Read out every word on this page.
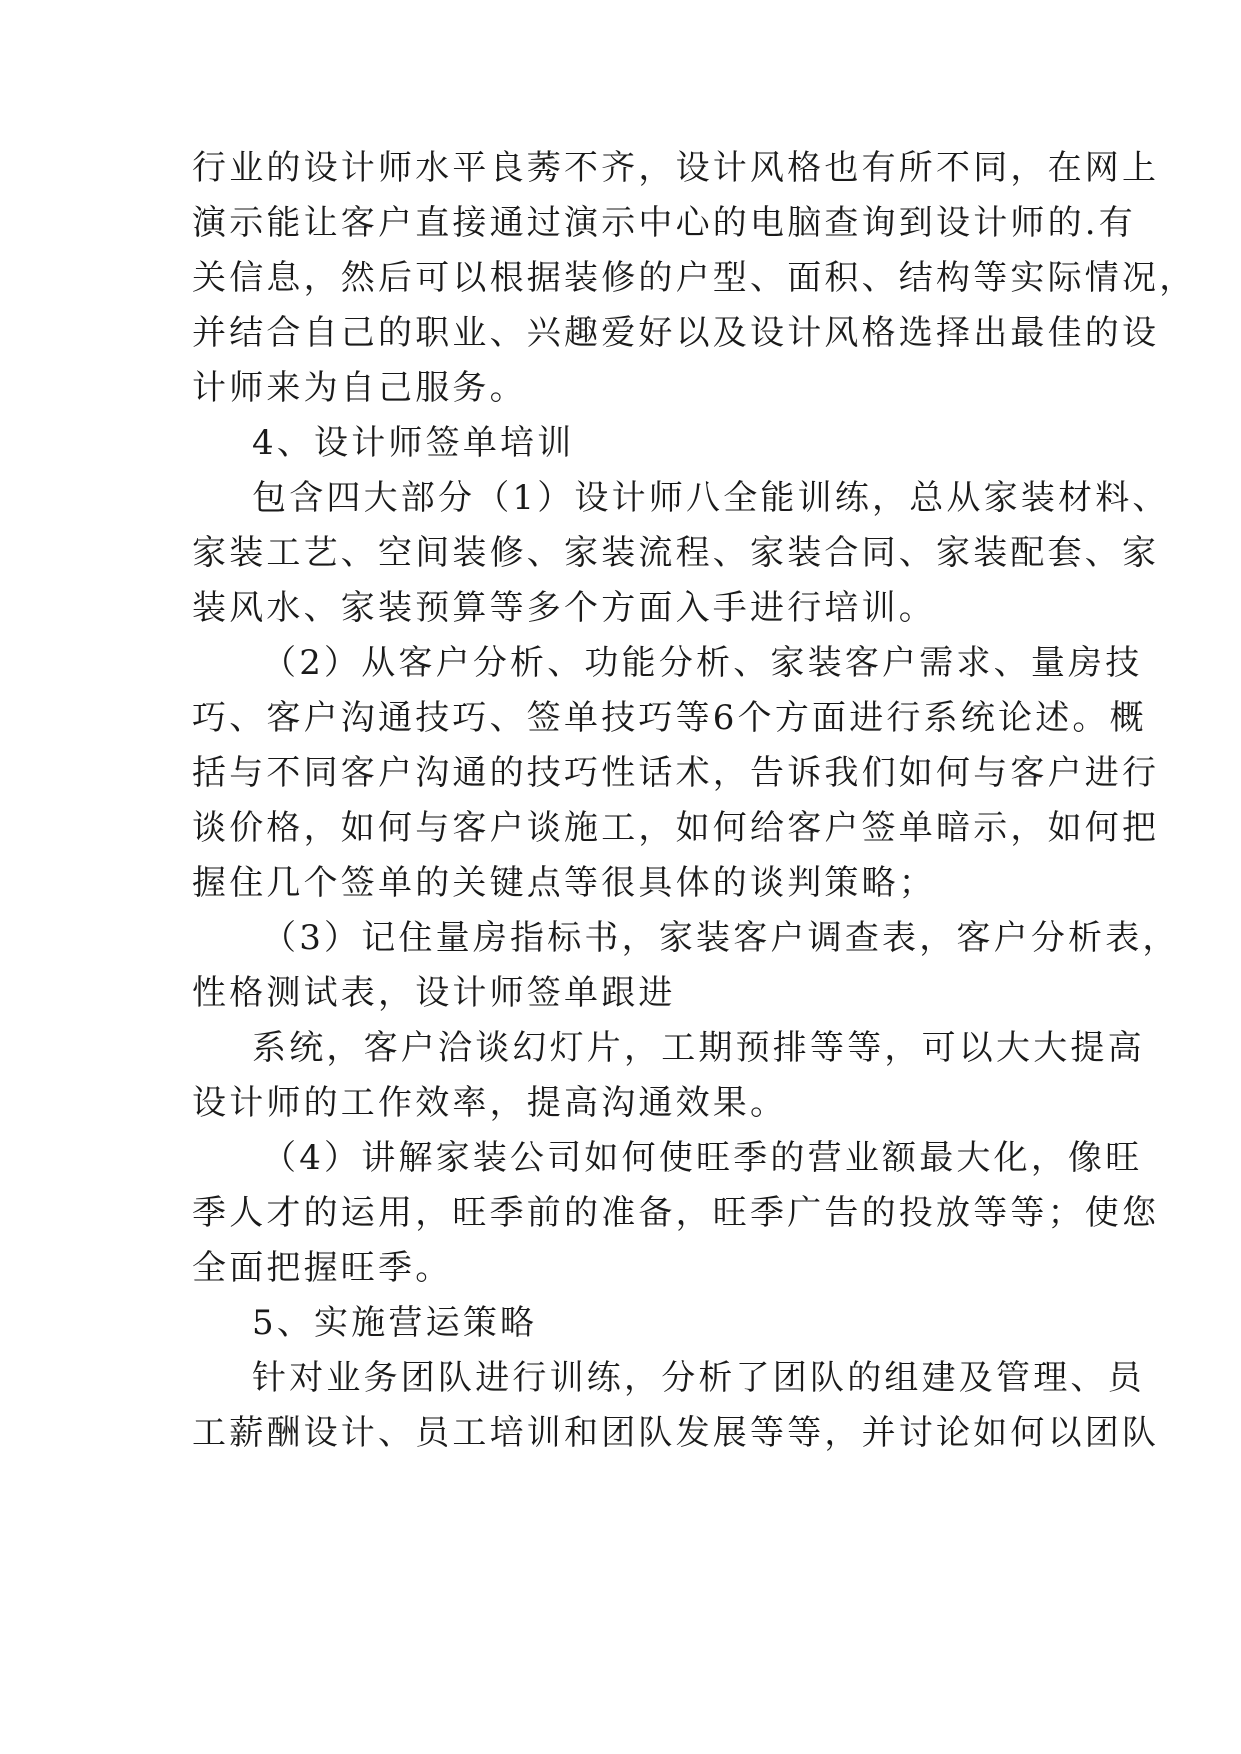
行业的设计师水平良莠不齐，设计风格也有所不同，在网上
演示能让客户直接通过演示中心的电脑查询到设计师的.有
关信息，然后可以根据装修的户型、面积、结构等实际情况，
并结合自己的职业、兴趣爱好以及设计风格选择出最佳的设
计师来为自己服务。
4、设计师签单培训
包含四大部分（1）设计师八全能训练，总从家装材料、
家装工艺、空间装修、家装流程、家装合同、家装配套、家
装风水、家装预算等多个方面入手进行培训。
（2）从客户分析、功能分析、家装客户需求、量房技
巧、客户沟通技巧、签单技巧等6个方面进行系统论述。概
括与不同客户沟通的技巧性话术，告诉我们如何与客户进行
谈价格，如何与客户谈施工，如何给客户签单暗示，如何把
握住几个签单的关键点等很具体的谈判策略；
（3）记住量房指标书，家装客户调查表，客户分析表，
性格测试表，设计师签单跟进
系统，客户洽谈幻灯片，工期预排等等，可以大大提高
设计师的工作效率，提高沟通效果。
（4）讲解家装公司如何使旺季的营业额最大化，像旺
季人才的运用，旺季前的准备，旺季广告的投放等等；使您
全面把握旺季。
5、实施营运策略
针对业务团队进行训练，分析了团队的组建及管理、员
工薪酬设计、员工培训和团队发展等等，并讨论如何以团队
